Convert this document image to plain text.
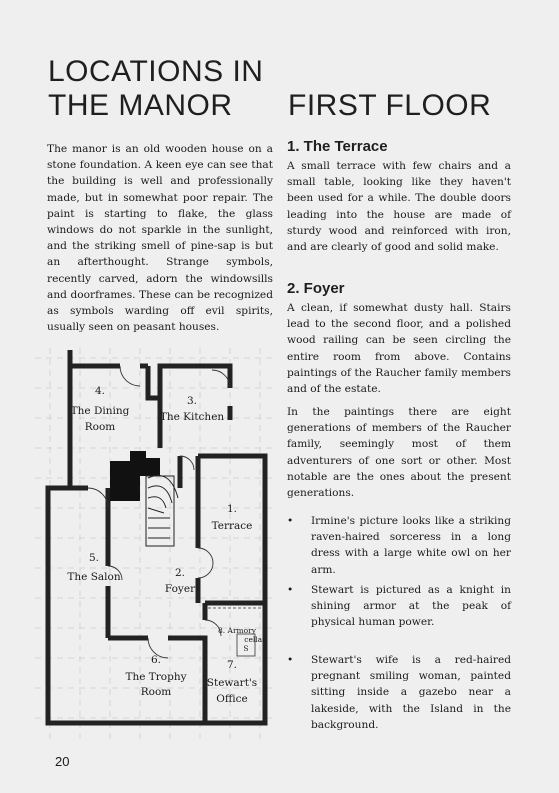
LOCATIONS IN
THE MANOR	FIRST FLOOR

The manor is an old wooden house on a stone foundation. A keen eye can see that the building is well and professionally made, but in somewhat poor repair. The paint is starting to flake, the glass windows do not sparkle in the sunlight, and the striking smell of pine-sap is but an afterthought. Strange symbols, recently carved, adorn the windowsills and doorframes. These can be recognized as symbols warding off evil spirits, usually seen on peasant houses.

1. The Terrace

A small terrace with few chairs and a small table, looking like they haven't been used for a while. The double doors leading into the house are made of sturdy wood and reinforced with iron, and are clearly of good and solid make.

2. Foyer

A clean, if somewhat dusty hall. Stairs lead to the second floor, and a polished wood railing can be seen circling the entire room from above. Contains paintings of the Raucher family members and of the estate.

In the paintings there are eight generations of members of the Raucher family, seemingly most of them adventurers of one sort or other. Most notable are the ones about the present generations.

•	Irmine's picture looks like a striking raven-haired sorceress in a long dress with a large white owl on her arm.
•	Stewart is pictured as a knight in shining armor at the peak of physical human power.
•	Stewart's wife is a red-haired pregnant smiling woman, painted sitting inside a gazebo near a lakeside, with the Island in the background.
S
4.
The Dining
Room
3.
The Kitchen
1.
Terrace
5.
The Salon	2.
Foyer
8. Armory
cellar
6.
The Trophy
Room
7.
Stewart's
Office
20
